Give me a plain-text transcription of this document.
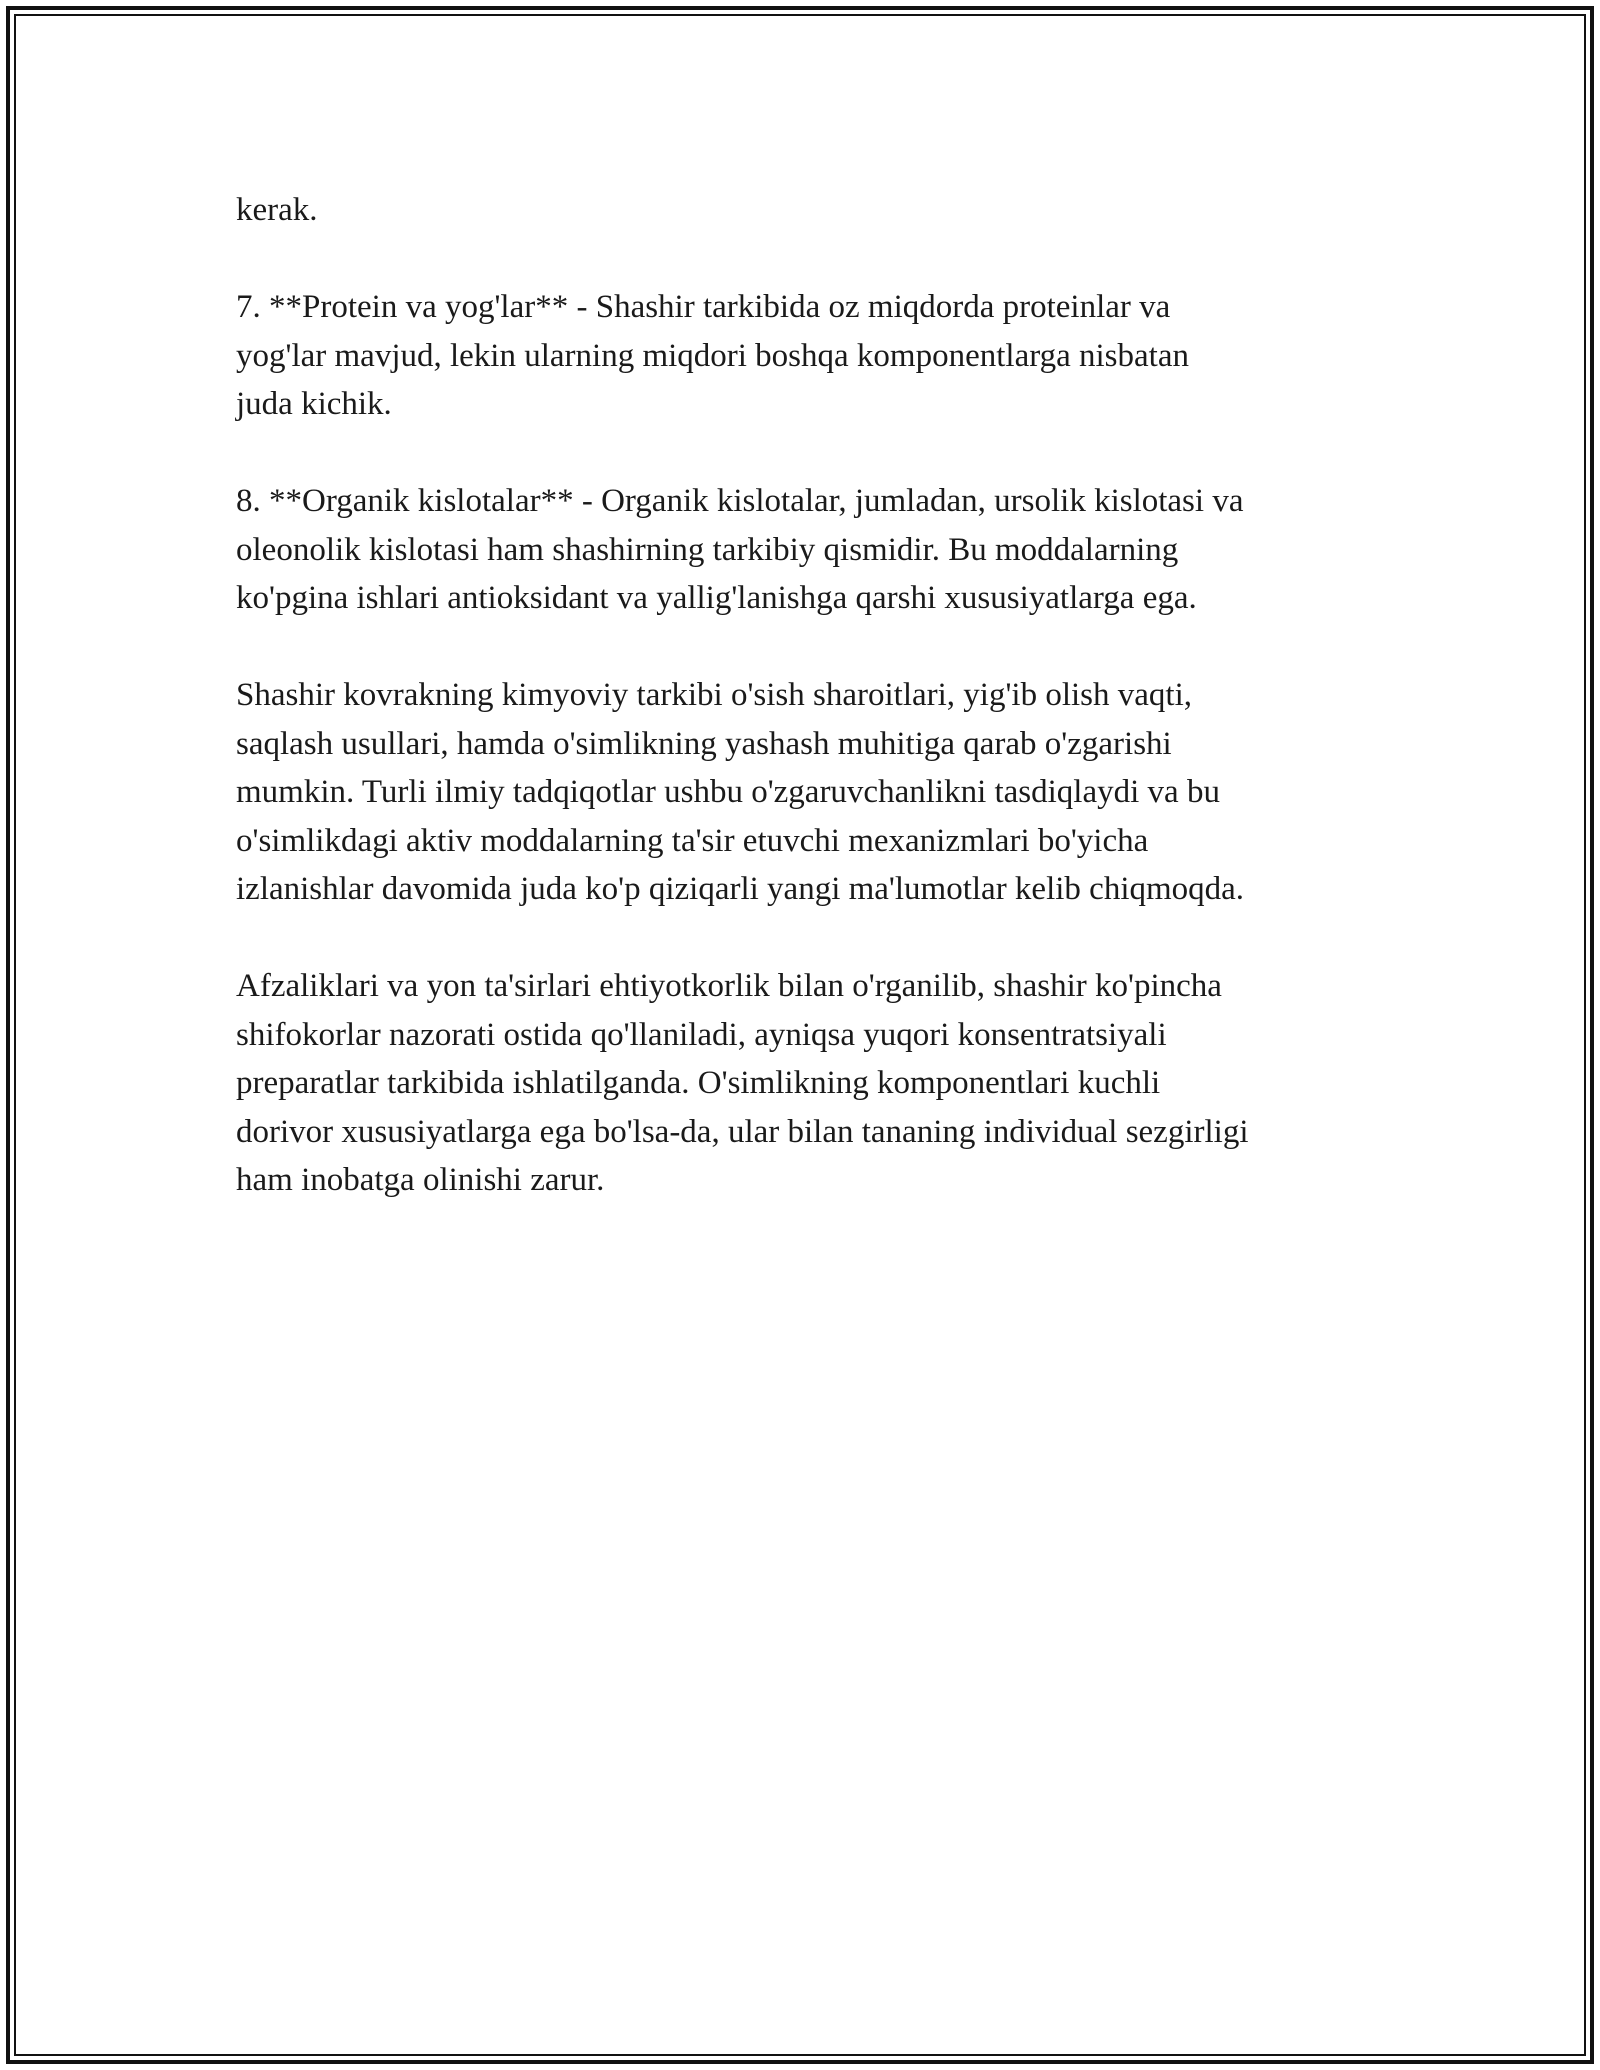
kerak.

7. **Protein va yog'lar** - Shashir tarkibida oz miqdorda proteinlar va
yog'lar mavjud, lekin ularning miqdori boshqa komponentlarga nisbatan
juda kichik.

8. **Organik kislotalar** - Organik kislotalar, jumladan, ursolik kislotasi va
oleonolik kislotasi ham shashirning tarkibiy qismidir. Bu moddalarning
ko'pgina ishlari antioksidant va yallig'lanishga qarshi xususiyatlarga ega.

Shashir kovrakning kimyoviy tarkibi o'sish sharoitlari, yig'ib olish vaqti,
saqlash usullari, hamda o'simlikning yashash muhitiga qarab o'zgarishi
mumkin. Turli ilmiy tadqiqotlar ushbu o'zgaruvchanlikni tasdiqlaydi va bu
o'simlikdagi aktiv moddalarning ta'sir etuvchi mexanizmlari bo'yicha
izlanishlar davomida juda ko'p qiziqarli yangi ma'lumotlar kelib chiqmoqda.

Afzaliklari va yon ta'sirlari ehtiyotkorlik bilan o'rganilib, shashir ko'pincha
shifokorlar nazorati ostida qo'llaniladi, ayniqsa yuqori konsentratsiyali
preparatlar tarkibida ishlatilganda. O'simlikning komponentlari kuchli
dorivor xususiyatlarga ega bo'lsa-da, ular bilan tananing individual sezgirligi
ham inobatga olinishi zarur.
